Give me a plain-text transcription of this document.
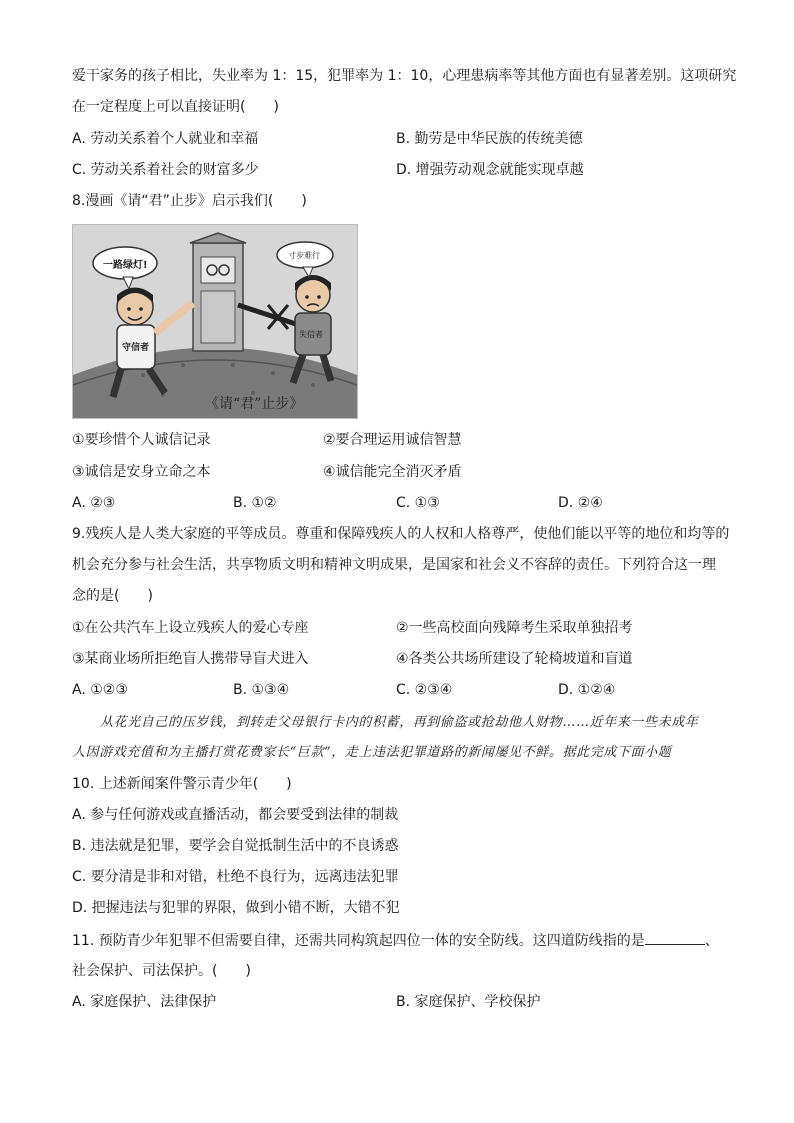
爱干家务的孩子相比，失业率为 1：15，犯罪率为 1：10，心理患病率等其他方面也有显著差别。这项研究
在一定程度上可以直接证明(　　)
A. 劳动关系着个人就业和幸福	B. 勤劳是中华民族的传统美德
C. 劳动关系着社会的财富多少	D. 增强劳动观念就能实现卓越
8.漫画《请“君”止步》启示我们(　　)
一路绿灯!
寸步难行
守信者
失信者
《请“君”止步》
①要珍惜个人诚信记录	②要合理运用诚信智慧
③诚信是安身立命之本	④诚信能完全消灭矛盾
A. ②③	B. ①②	C. ①③	D. ②④
9.残疾人是人类大家庭的平等成员。尊重和保障残疾人的人权和人格尊严，使他们能以平等的地位和均等的
机会充分参与社会生活，共享物质文明和精神文明成果，是国家和社会义不容辞的责任。下列符合这一理
念的是(　　)
①在公共汽车上设立残疾人的爱心专座	②一些高校面向残障考生采取单独招考
③某商业场所拒绝盲人携带导盲犬进入	④各类公共场所建设了轮椅坡道和盲道
A. ①②③	B. ①③④	C. ②③④	D. ①②④
从花光自己的压岁钱，到转走父母银行卡内的积蓄，再到偷盗或抢劫他人财物……近年来一些未成年
人因游戏充值和为主播打赏花费家长“巨款”，走上违法犯罪道路的新闻屡见不鲜。据此完成下面小题
10. 上述新闻案件警示青少年(　　)
A. 参与任何游戏或直播活动，都会要受到法律的制裁
B. 违法就是犯罪，要学会自觉抵制生活中的不良诱惑
C. 要分清是非和对错，杜绝不良行为，远离违法犯罪
D. 把握违法与犯罪的界限，做到小错不断，大错不犯
11. 预防青少年犯罪不但需要自律，还需共同构筑起四位一体的安全防线。这四道防线指的是	、
社会保护、司法保护。(　　)
A. 家庭保护、法律保护	B. 家庭保护、学校保护
